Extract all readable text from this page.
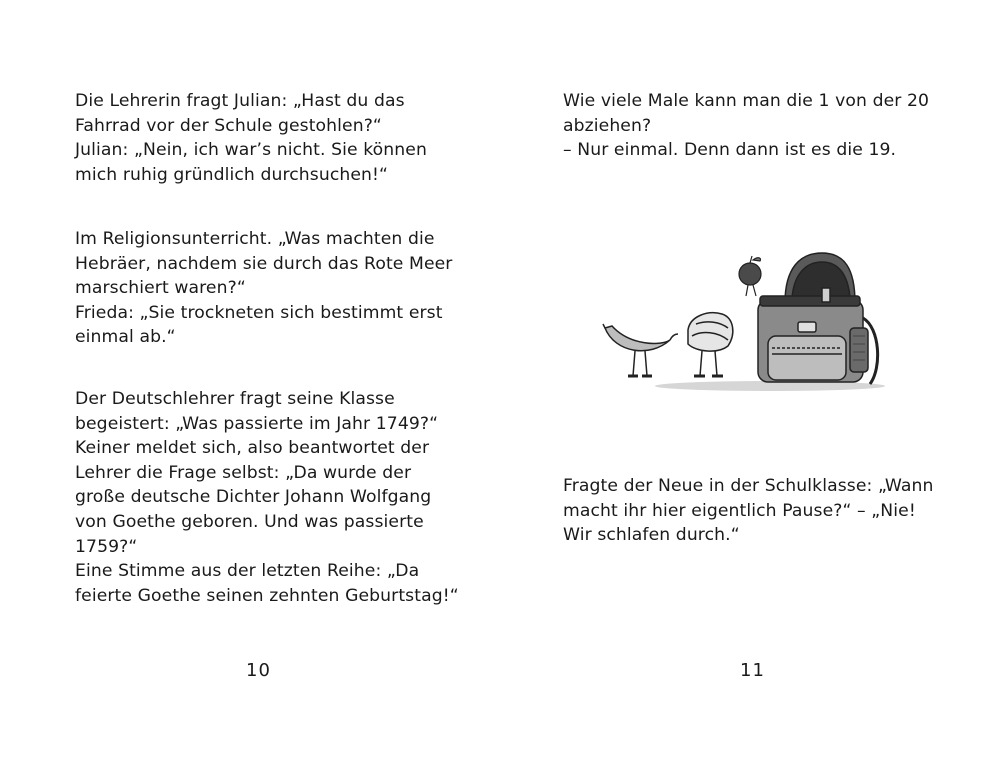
Die Lehrerin fragt Julian: „Hast du das
Fahrrad vor der Schule gestohlen?“
Julian: „Nein, ich war’s nicht. Sie können
mich ruhig gründlich durchsuchen!“
Im Religionsunterricht. „Was machten die
Hebräer, nachdem sie durch das Rote Meer
marschiert waren?“
Frieda: „Sie trockneten sich bestimmt erst
einmal ab.“
Der Deutschlehrer fragt seine Klasse
begeistert: „Was passierte im Jahr 1749?“
Keiner meldet sich, also beantwortet der
Lehrer die Frage selbst: „Da wurde der
große deutsche Dichter Johann Wolfgang
von Goethe geboren. Und was passierte
1759?“
Eine Stimme aus der letzten Reihe: „Da
feierte Goethe seinen zehnten Geburtstag!“
10
Wie viele Male kann man die 1 von der 20
abziehen?
– Nur einmal. Denn dann ist es die 19.
Fragte der Neue in der Schulklasse: „Wann
macht ihr hier eigentlich Pause?“ – „Nie!
Wir schlafen durch.“
11
